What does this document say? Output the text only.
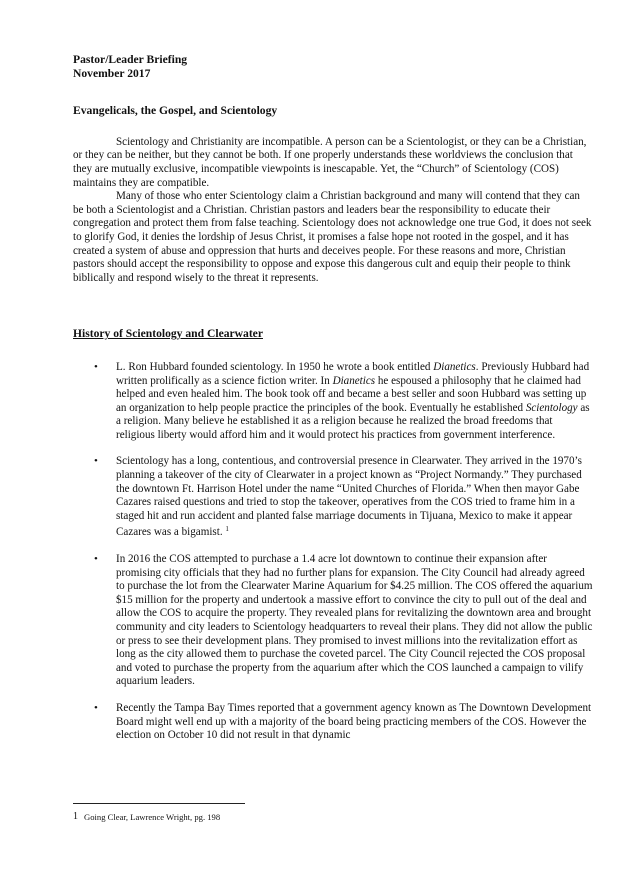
Pastor/Leader Briefing

November 2017

Evangelicals, the Gospel, and Scientology

Scientology and Christianity are incompatible. A person can be a Scientologist, or they can be a Christian, or they can be neither, but they cannot be both. If one properly understands these worldviews the conclusion that they are mutually exclusive, incompatible viewpoints is inescapable. Yet, the “Church” of Scientology (COS) maintains they are compatible.

Many of those who enter Scientology claim a Christian background and many will contend that they can be both a Scientologist and a Christian. Christian pastors and leaders bear the responsibility to educate their congregation and protect them from false teaching. Scientology does not acknowledge one true God, it does not seek to glorify God, it denies the lordship of Jesus Christ, it promises a false hope not rooted in the gospel, and it has created a system of abuse and oppression that hurts and deceives people. For these reasons and more, Christian pastors should accept the responsibility to oppose and expose this dangerous cult and equip their people to think biblically and respond wisely to the threat it represents.

History of Scientology and Clearwater

• L. Ron Hubbard founded scientology. In 1950 he wrote a book entitled Dianetics. Previously Hubbard had written prolifically as a science fiction writer. In Dianetics he espoused a philosophy that he claimed had helped and even healed him. The book took off and became a best seller and soon Hubbard was setting up an organization to help people practice the principles of the book. Eventually he established Scientology as a religion. Many believe he established it as a religion because he realized the broad freedoms that religious liberty would afford him and it would protect his practices from government interference.
• Scientology has a long, contentious, and controversial presence in Clearwater. They arrived in the 1970’s planning a takeover of the city of Clearwater in a project known as “Project Normandy.” They purchased the downtown Ft. Harrison Hotel under the name “United Churches of Florida.” When then mayor Gabe Cazares raised questions and tried to stop the takeover, operatives from the COS tried to frame him in a staged hit and run accident and planted false marriage documents in Tijuana, Mexico to make it appear Cazares was a bigamist. $^1$
• In 2016 the COS attempted to purchase a 1.4 acre lot downtown to continue their expansion after promising city officials that they had no further plans for expansion. The City Council had already agreed to purchase the lot from the Clearwater Marine Aquarium for $4.25 million. The COS offered the aquarium $15 million for the property and undertook a massive effort to convince the city to pull out of the deal and allow the COS to acquire the property. They revealed plans for revitalizing the downtown area and brought community and city leaders to Scientology headquarters to reveal their plans. They did not allow the public or press to see their development plans. They promised to invest millions into the revitalization effort as long as the city allowed them to purchase the coveted parcel. The City Council rejected the COS proposal and voted to purchase the property from the aquarium after which the COS launched a campaign to vilify aquarium leaders.
• Recently the Tampa Bay Times reported that a government agency known as The Downtown Development Board might well end up with a majority of the board being practicing members of the COS. However the election on October 10 did not result in that dynamic
1 Going Clear, Lawrence Wright, pg. 198
